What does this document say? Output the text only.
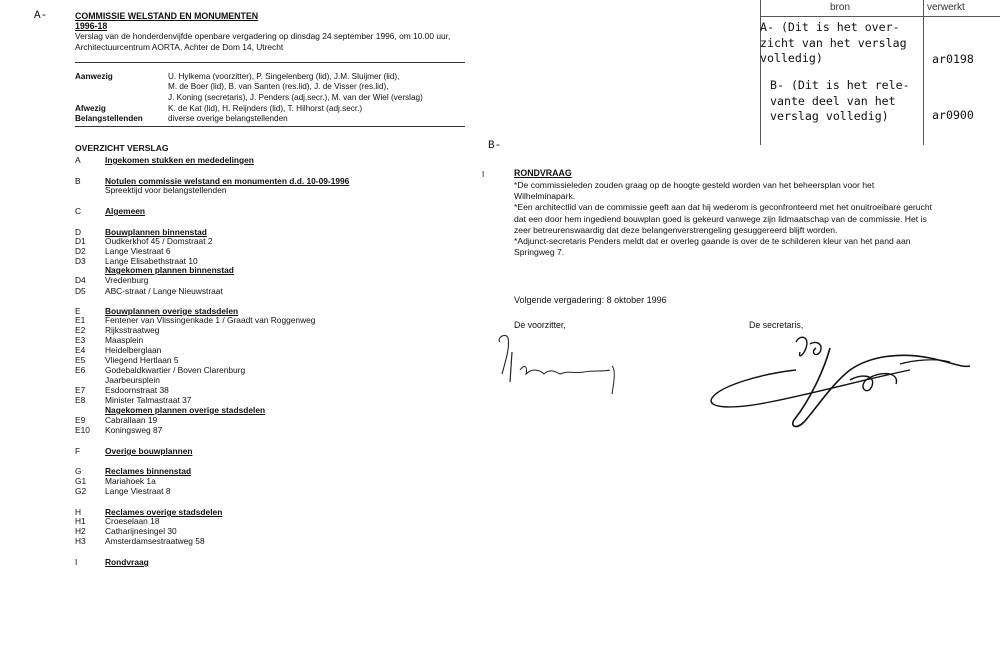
A-	COMMISSIE WELSTAND EN MONUMENTEN
1996-18
Verslag van de honderdenvijfde openbare vergadering op dinsdag 24 september 1996, om 10.00 uur, Architectuurcentrum AORTA, Achter de Dom 14, Utrecht
Aanwezig	U. Hylkema (voorzitter), P. Singelenberg (lid), J.M. Sluijmer (lid),
M. de Boer (lid), B. van Santen (res.lid), J. de Visser (res.lid),
J. Koning (secretaris), J. Penders (adj.secr.), M. van der Wiel (verslag)
Afwezig	K. de Kat (lid), H. Reijnders (lid), T. Hilhorst (adj.secr.)
Belangstellenden	diverse overige belangstellenden
OVERZICHT VERSLAG
A	Ingekomen stukken en mededelingen
B	Notulen commissie welstand en monumenten d.d. 10-09-1996
Spreektijd voor belangstellenden
C	Algemeen
D	Bouwplannen binnenstad
D1	Oudkerkhof 45 / Domstraat 2
D2	Lange Viestraat 6
D3	Lange Elisabethstraat 10
Nagekomen plannen binnenstad
D4	Vredenburg
D5	ABC-straat / Lange Nieuwstraat
E	Bouwplannen overige stadsdelen
E1	Fentener van Vlissingenkade 1 / Graadt van Roggenweg
E2	Rijksstraatweg
E3	Maasplein
E4	Heidelberglaan
E5	Vliegend Hertlaan 5
E6	Godebaldkwartier / Boven Clarenburg
Jaarbeursplein
E7	Esdoornstraat 38
E8	Minister Talmastraat 37
Nagekomen plannen overige stadsdelen
E9	Cabrallaan 19
E10	Koningsweg 87
F	Overige bouwplannen
G	Reclames binnenstad
G1	Mariahoek 1a
G2	Lange Viestraat 8
H	Reclames overige stadsdelen
H1	Croeselaan 18
H2	Catharijnesingel 30
H3	Amsterdamsestraatweg 58
I	Rondvraag
B-
I	RONDVRAAG
*De commissieleden zouden graag op de hoogte gesteld worden van het beheersplan voor het Wilhelminapark.
*Een architectlid van de commissie geeft aan dat hij wederom is geconfronteerd met het onuitroeibare gerucht dat een door hem ingediend bouwplan goed is gekeurd vanwege zijn lidmaatschap van de commissie. Het is zeer betreurenswaardig dat deze belangenverstrengeling gesuggereerd blijft worden.
*Adjunct-secretaris Penders meldt dat er overleg gaande is over de te schilderen kleur van het pand aan Springweg 7.
Volgende vergadering: 8 oktober 1996
De voorzitter,	De secretaris,
bron	verwerkt
A- (Dit is het over-
zicht van het verslag
volledig)	ar0198
B- (Dit is het rele-
vante deel van het
verslag volledig)	ar0900
